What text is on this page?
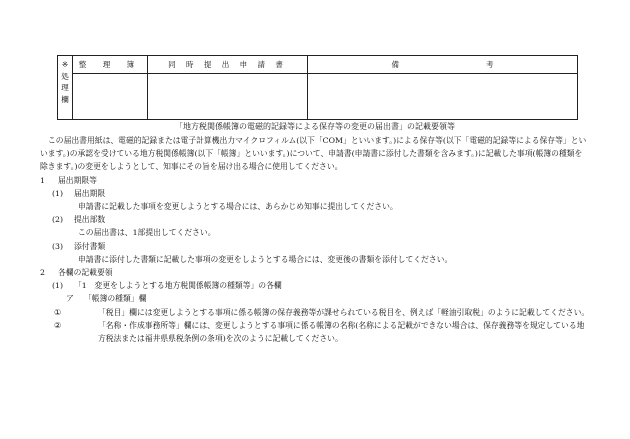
※
処
理
欄	整 理 簿	同 時 提 出 申 請 書	備 考

「地方税関係帳簿の電磁的記録等による保存等の変更の届出書」の記載要領等

この届出書用紙は、電磁的記録または電子計算機出力マイクロフィルム(以下「COM」といいます。)による保存等(以下「電磁的記録等による保存等」といいます。)の承認を受けている地方税関係帳簿(以下「帳簿」といいます。)について、申請書(申請書に添付した書類を含みます。)に記載した事項(帳簿の種類を除きます。)の変更をしようとして、知事にその旨を届け出る場合に使用してください。

1 届出期限等

(1) 届出期限

申請書に記載した事項を変更しようとする場合には、あらかじめ知事に提出してください。

(2) 提出部数

この届出書は、1部提出してください。

(3) 添付書類

申請書に添付した書類に記載した事項の変更をしようとする場合には、変更後の書類を添付してください。

2 各欄の記載要領

(1) 「1　変更をしようとする地方税関係帳簿の種類等」の各欄

ア 「帳簿の種類」欄

①	「税目」欄には変更しようとする事項に係る帳簿の保存義務等が課せられている税目を、例えば「軽油引取税」のように記載してください。

②	「名称・作成事務所等」欄には、変更しようとする事項に係る帳簿の名称(名称による記載ができない場合は、保存義務等を規定している地方税法または福井県県税条例の条項)を次のように記載してください。
